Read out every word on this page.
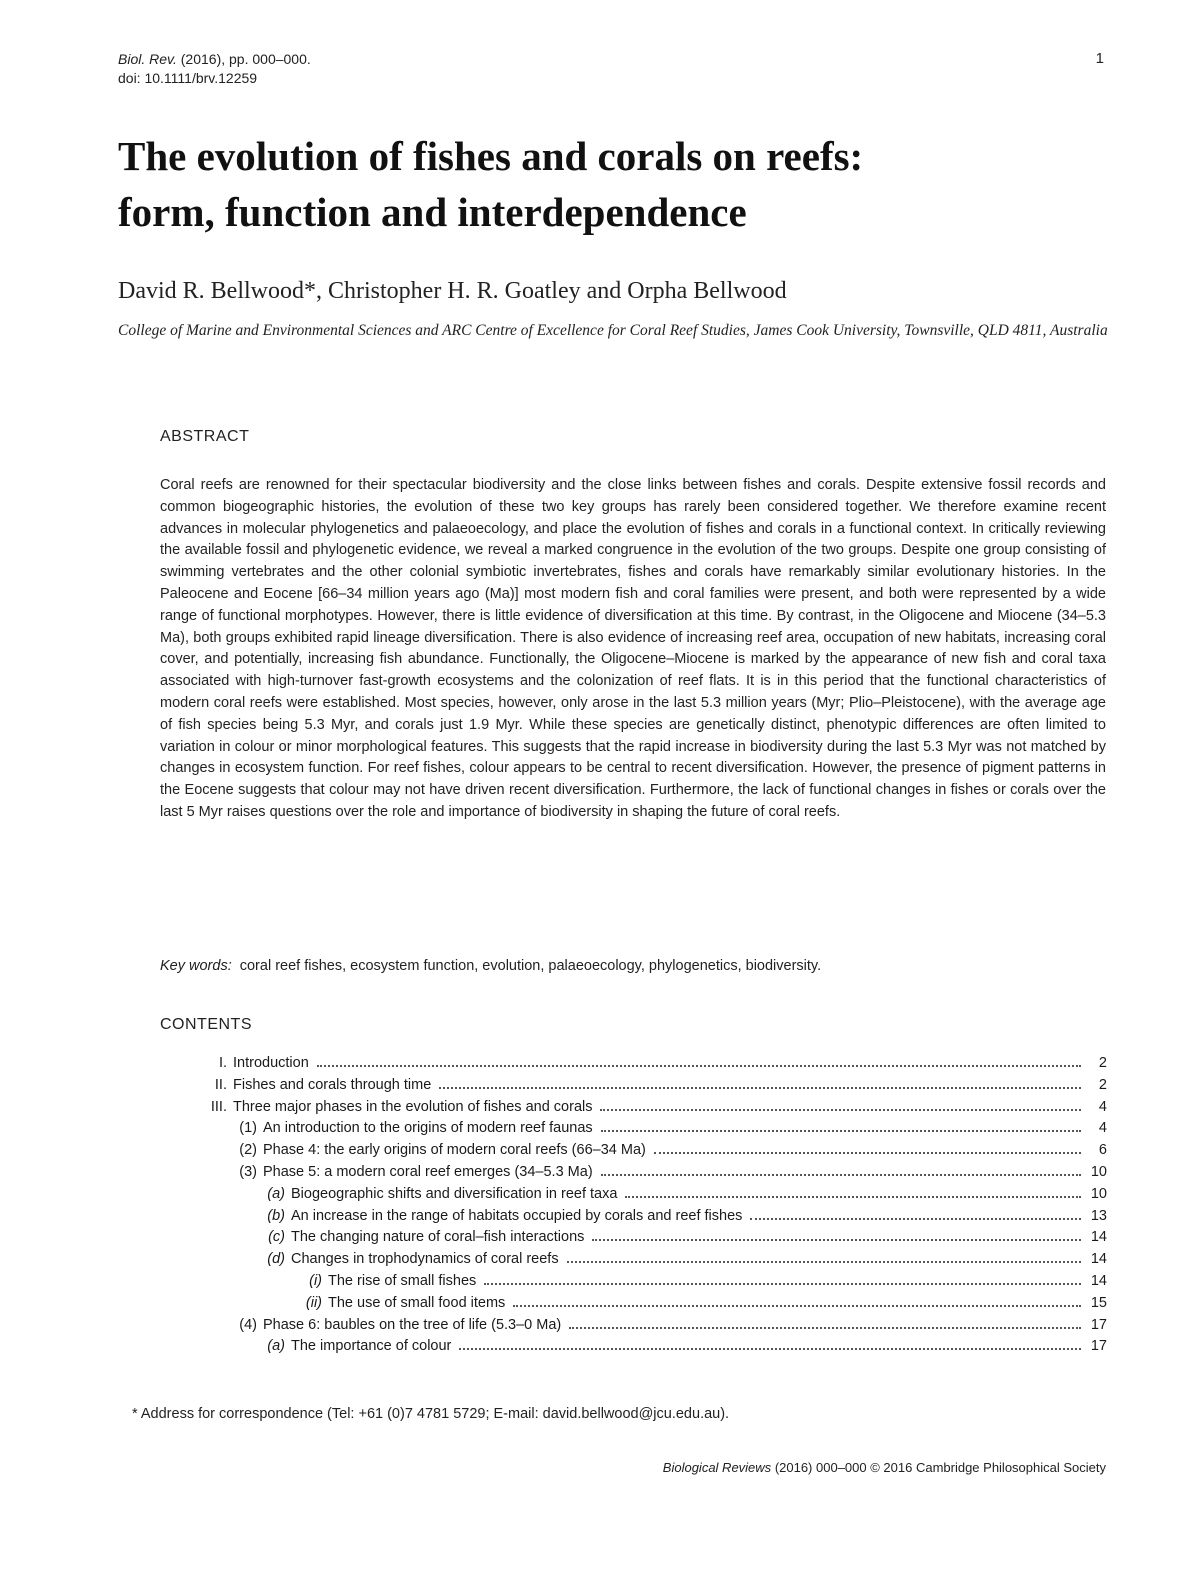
Biol. Rev. (2016), pp. 000–000.
doi: 10.1111/brv.12259
1
The evolution of fishes and corals on reefs:
form, function and interdependence
David R. Bellwood*, Christopher H. R. Goatley and Orpha Bellwood
College of Marine and Environmental Sciences and ARC Centre of Excellence for Coral Reef Studies, James Cook University, Townsville, QLD 4811, Australia
ABSTRACT
Coral reefs are renowned for their spectacular biodiversity and the close links between fishes and corals. Despite extensive fossil records and common biogeographic histories, the evolution of these two key groups has rarely been considered together. We therefore examine recent advances in molecular phylogenetics and palaeoecology, and place the evolution of fishes and corals in a functional context. In critically reviewing the available fossil and phylogenetic evidence, we reveal a marked congruence in the evolution of the two groups. Despite one group consisting of swimming vertebrates and the other colonial symbiotic invertebrates, fishes and corals have remarkably similar evolutionary histories. In the Paleocene and Eocene [66–34 million years ago (Ma)] most modern fish and coral families were present, and both were represented by a wide range of functional morphotypes. However, there is little evidence of diversification at this time. By contrast, in the Oligocene and Miocene (34–5.3 Ma), both groups exhibited rapid lineage diversification. There is also evidence of increasing reef area, occupation of new habitats, increasing coral cover, and potentially, increasing fish abundance. Functionally, the Oligocene–Miocene is marked by the appearance of new fish and coral taxa associated with high-turnover fast-growth ecosystems and the colonization of reef flats. It is in this period that the functional characteristics of modern coral reefs were established. Most species, however, only arose in the last 5.3 million years (Myr; Plio–Pleistocene), with the average age of fish species being 5.3 Myr, and corals just 1.9 Myr. While these species are genetically distinct, phenotypic differences are often limited to variation in colour or minor morphological features. This suggests that the rapid increase in biodiversity during the last 5.3 Myr was not matched by changes in ecosystem function. For reef fishes, colour appears to be central to recent diversification. However, the presence of pigment patterns in the Eocene suggests that colour may not have driven recent diversification. Furthermore, the lack of functional changes in fishes or corals over the last 5 Myr raises questions over the role and importance of biodiversity in shaping the future of coral reefs.
Key words: coral reef fishes, ecosystem function, evolution, palaeoecology, phylogenetics, biodiversity.
CONTENTS
I. Introduction	2
II. Fishes and corals through time	2
III. Three major phases in the evolution of fishes and corals	4
(1) An introduction to the origins of modern reef faunas	4
(2) Phase 4: the early origins of modern coral reefs (66–34 Ma)	6
(3) Phase 5: a modern coral reef emerges (34–5.3 Ma)	10
(a) Biogeographic shifts and diversification in reef taxa	10
(b) An increase in the range of habitats occupied by corals and reef fishes	13
(c) The changing nature of coral–fish interactions	14
(d) Changes in trophodynamics of coral reefs	14
(i) The rise of small fishes	14
(ii) The use of small food items	15
(4) Phase 6: baubles on the tree of life (5.3–0 Ma)	17
(a) The importance of colour	17
* Address for correspondence (Tel: +61 (0)7 4781 5729; E-mail: david.bellwood@jcu.edu.au).
Biological Reviews (2016) 000–000 © 2016 Cambridge Philosophical Society
